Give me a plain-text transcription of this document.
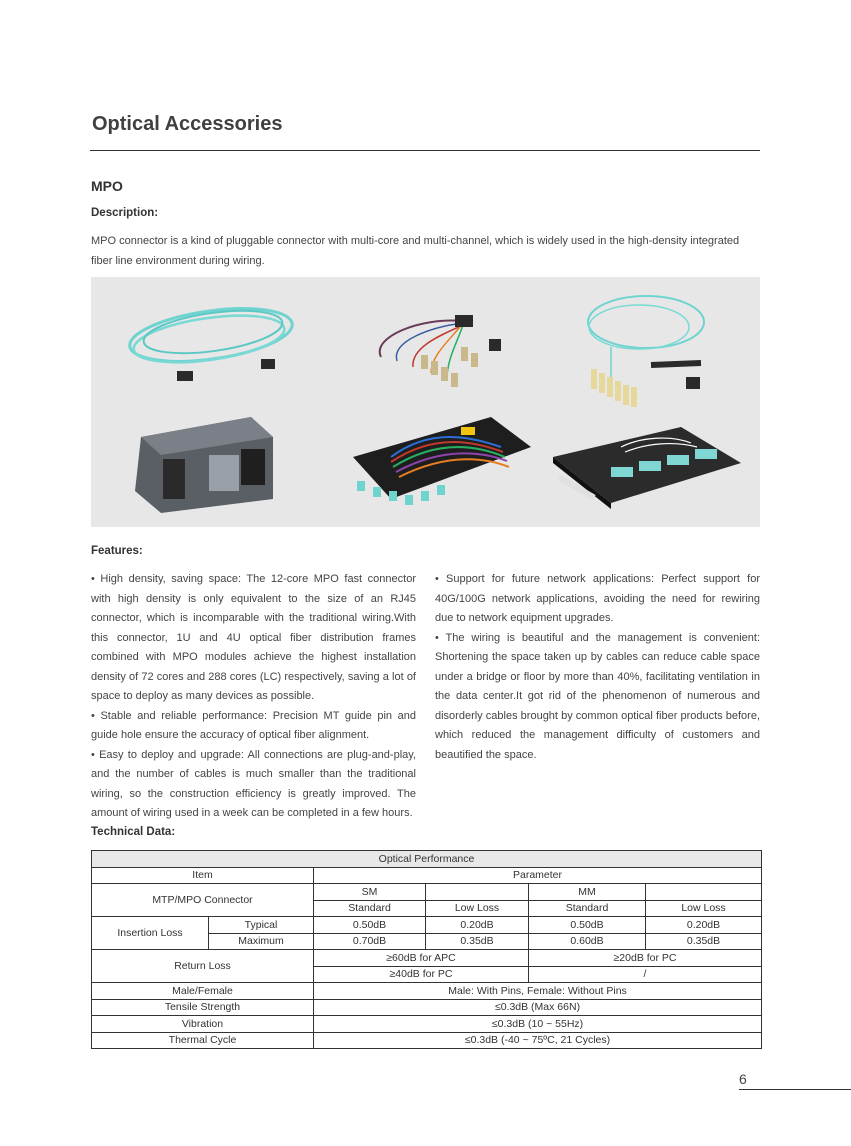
Optical Accessories
MPO
Description:
MPO connector is a kind of pluggable connector with multi-core and multi-channel, which is widely used in the high-density integrated fiber line environment during wiring.
Features:

• High density, saving space: The 12-core MPO fast connector with high density is only equivalent to the size of an RJ45 connector, which is incomparable with the traditional wiring.With this connector, 1U and 4U optical fiber distribution frames combined with MPO modules achieve the highest installation density of 72 cores and 288 cores (LC) respectively, saving a lot of space to deploy as many devices as possible.

• Stable and reliable performance: Precision MT guide pin and guide hole ensure the accuracy of optical fiber alignment.

• Easy to deploy and upgrade: All connections are plug-and-play, and the number of cables is much smaller than the traditional wiring, so the construction efficiency is greatly improved. The amount of wiring used in a week can be completed in a few hours.

• Support for future network applications: Perfect support for 40G/100G network applications, avoiding the need for rewiring due to network equipment upgrades.

• The wiring is beautiful and the management is convenient: Shortening the space taken up by cables can reduce cable space under a bridge or floor by more than 40%, facilitating ventilation in the data center.It got rid of the phenomenon of numerous and disorderly cables brought by common optical fiber products before, which reduced the management difficulty of customers and beautified the space.

Technical Data:
Optical Performance					
Item		Parameter			
MTP/MPO Connector		SM		MM	
		Standard	Low Loss	Standard	Low Loss
Insertion Loss	Typical	0.50dB	0.20dB	0.50dB	0.20dB
	Maximum	0.70dB	0.35dB	0.60dB	0.35dB
Return Loss		≥60dB for APC		≥20dB for PC	
		≥40dB for PC		/	
Male/Female		Male: With Pins, Female: Without Pins			
Tensile Strength		≤0.3dB (Max 66N)			
Vibration		≤0.3dB (10 ~ 55Hz)			
Thermal Cycle		≤0.3dB (-40 ~ 75ºC, 21 Cycles)			
6
